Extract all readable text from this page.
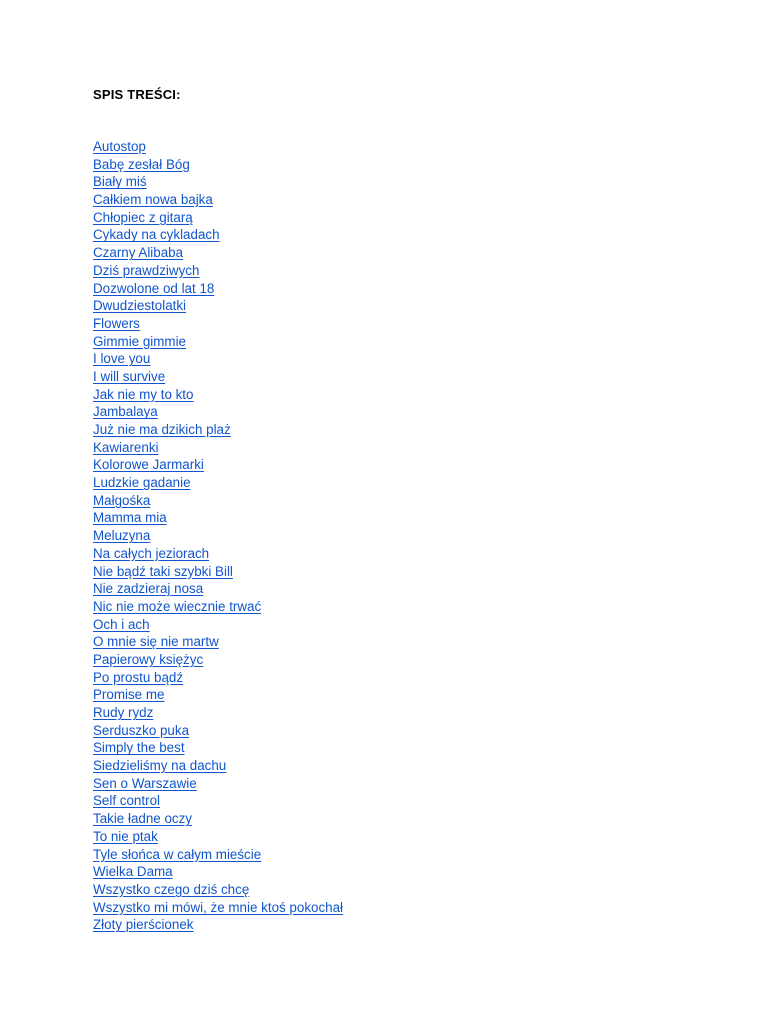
SPIS TREŚCI:
Autostop
Babę zesłał Bóg
Biały miś
Całkiem nowa bajka
Chłopiec z gitarą
Cykady na cykladach
Czarny Alibaba
Dziś prawdziwych
Dozwolone od lat 18
Dwudziestolatki
Flowers
Gimmie gimmie
I love you
I will survive
Jak nie my to kto
Jambalaya
Już nie ma dzikich plaż
Kawiarenki
Kolorowe Jarmarki
Ludzkie gadanie
Małgośka
Mamma mia
Meluzyna
Na całych jeziorach
Nie bądź taki szybki Bill
Nie zadzieraj nosa
Nic nie może wiecznie trwać
Och i ach
O mnie się nie martw
Papierowy księżyc
Po prostu bądź
Promise me
Rudy rydz
Serduszko puka
Simply the best
Siedzieliśmy na dachu
Sen o Warszawie
Self control
Takie ładne oczy
To nie ptak
Tyle słońca w całym mieście
Wielka Dama
Wszystko czego dziś chcę
Wszystko mi mówi, że mnie ktoś pokochał
Złoty pierścionek
